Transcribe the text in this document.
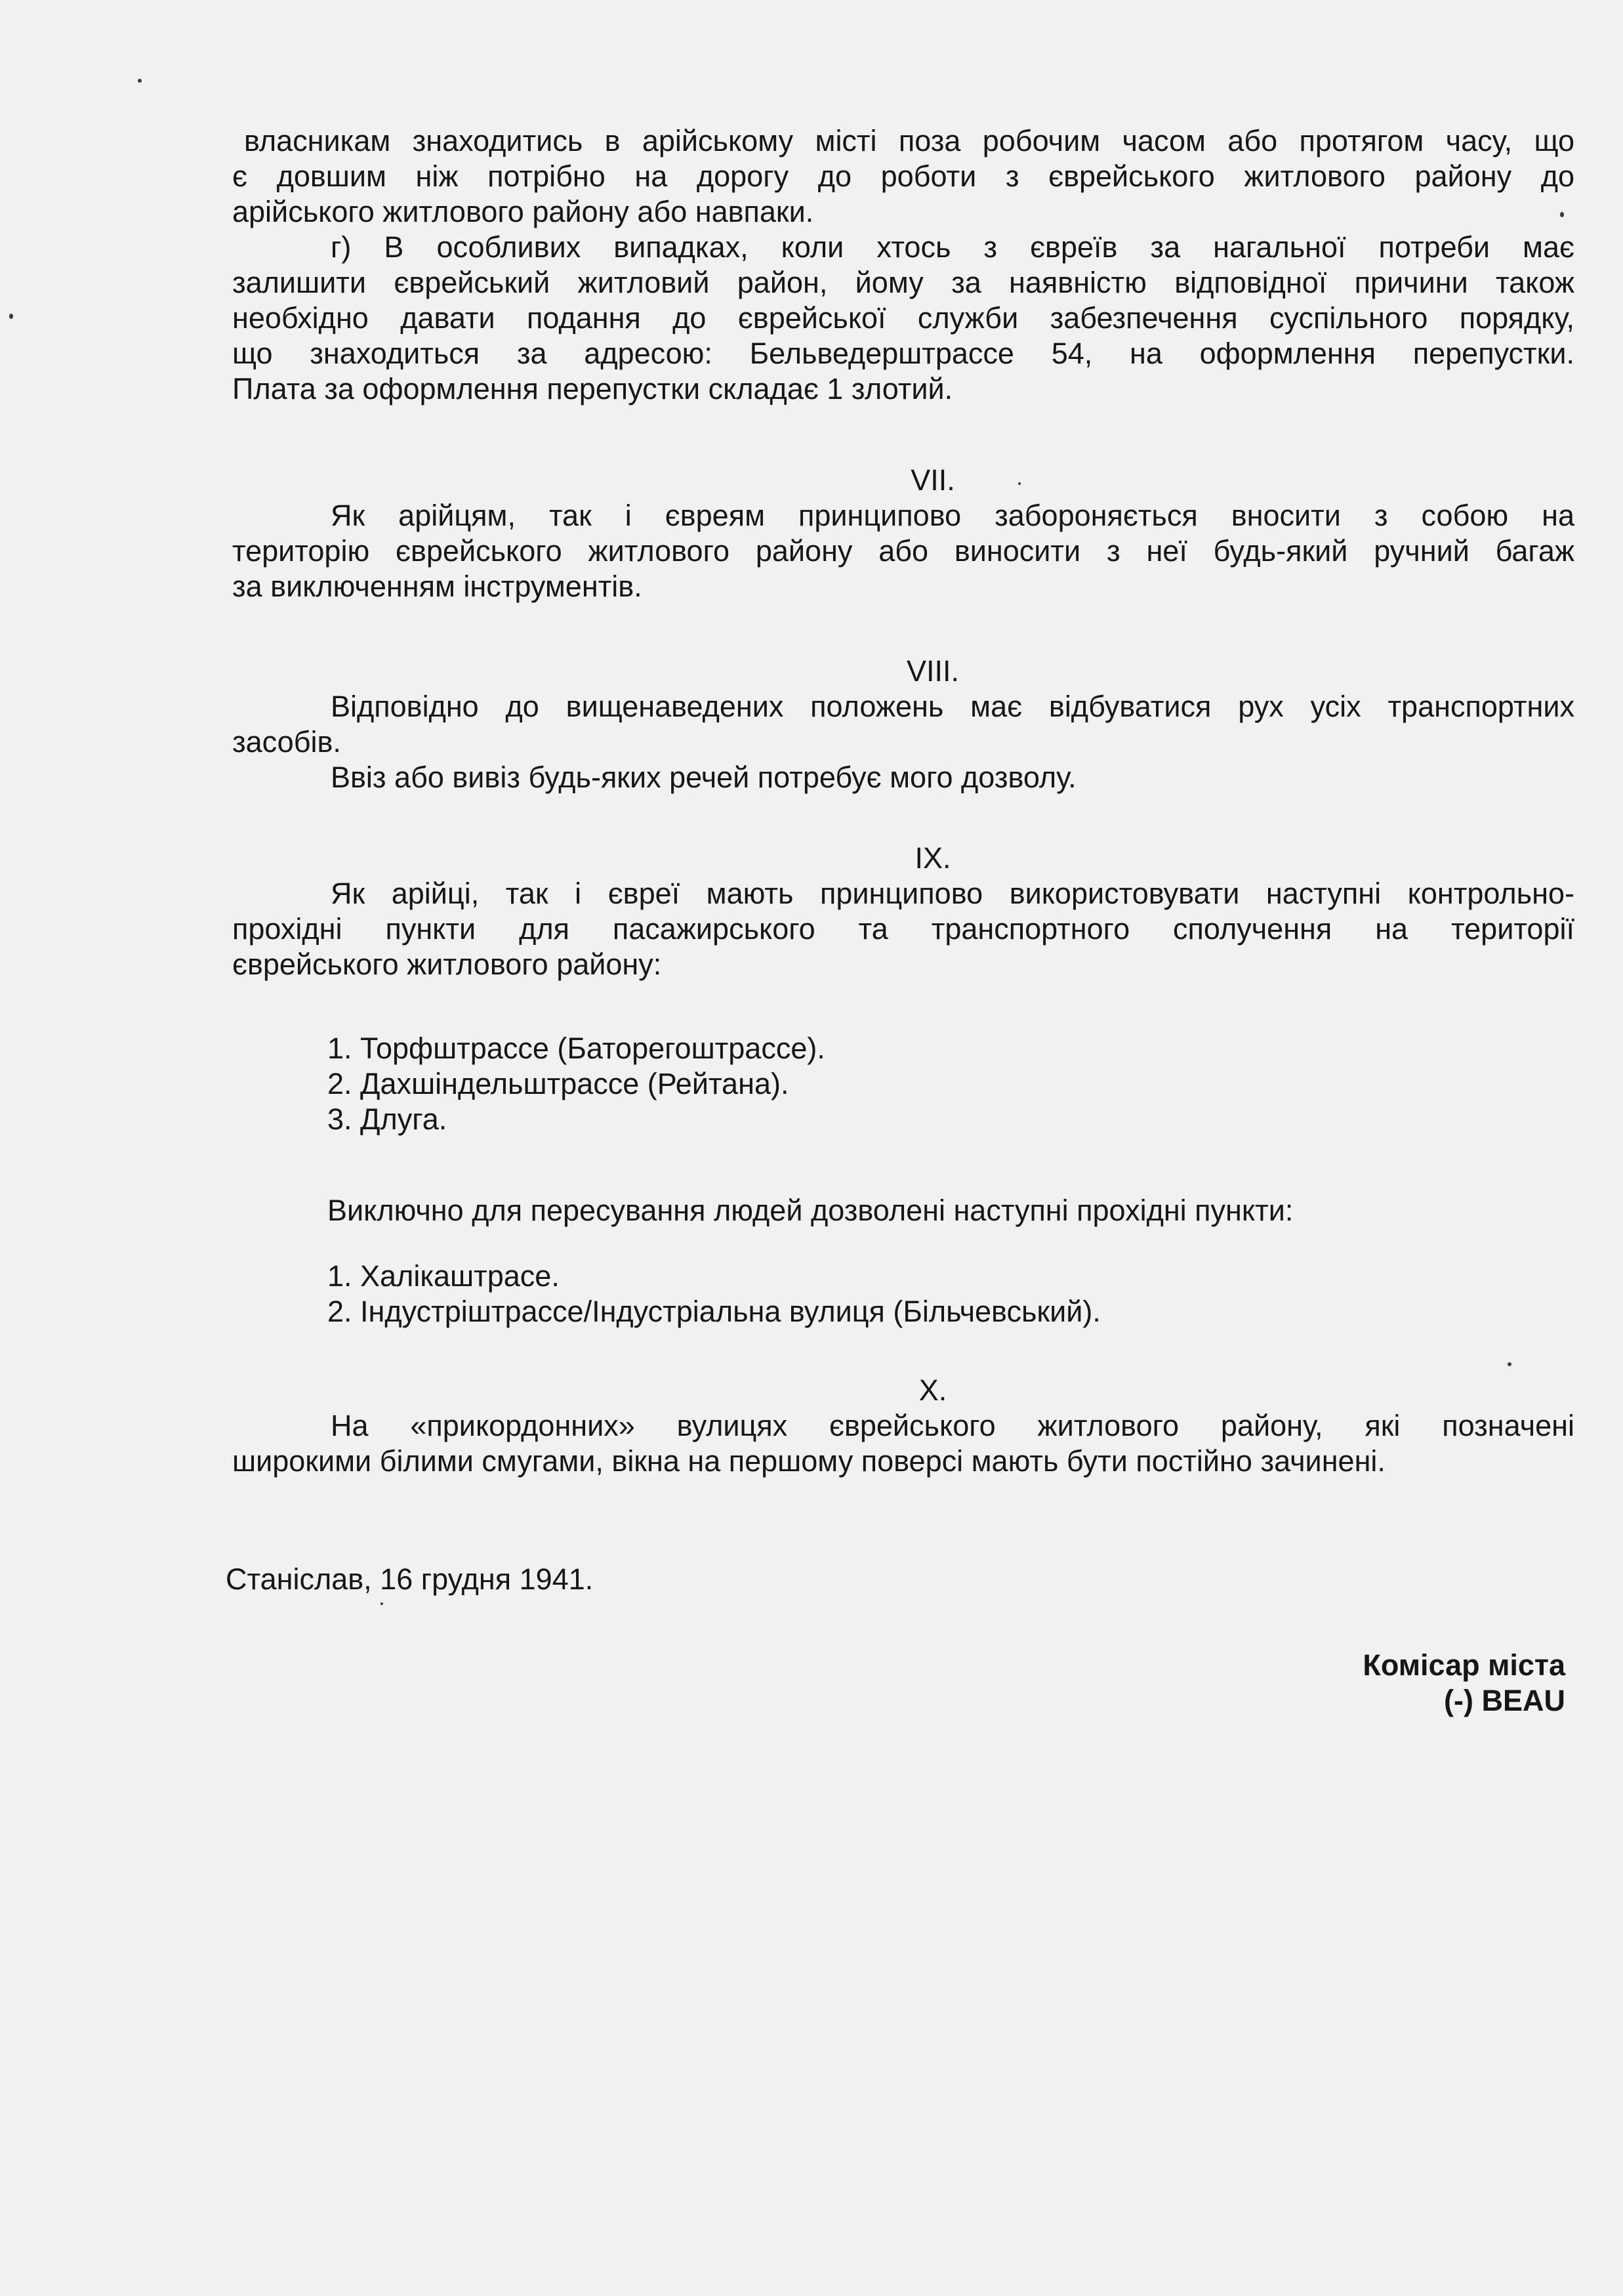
власникам знаходитись в арійському місті поза робочим часом або протягом часу, що
є довшим ніж потрібно на дорогу до роботи з єврейського житлового району до
арійського житлового району або навпаки.
г) В особливих випадках, коли хтось з євреїв за нагальної потреби має
залишити єврейський житловий район, йому за наявністю відповідної причини також
необхідно давати подання до єврейської служби забезпечення суспільного порядку,
що знаходиться за адресою: Бельведерштрассе 54, на оформлення перепустки.
Плата за оформлення перепустки складає 1 злотий.
VII.
Як арійцям, так і євреям принципово забороняється вносити з собою на
територію єврейського житлового району або виносити з неї будь-який ручний багаж
за виключенням інструментів.
VIII.
Відповідно до вищенаведених положень має відбуватися рух усіх транспортних
засобів.
Ввіз або вивіз будь-яких речей потребує мого дозволу.
IX.
Як арійці, так і євреї мають принципово використовувати наступні контрольно-
прохідні пункти для пасажирського та транспортного сполучення на території
єврейського житлового району:
1. Торфштрассе (Баторегоштрассе).
2. Дахшіндельштрассе (Рейтана).
3. Длуга.
Виключно для пересування людей дозволені наступні прохідні пункти:
1. Халікаштрасе.
2. Індустріштрассе/Індустріальна вулиця (Більчевський).
X.
На «прикордонних» вулицях єврейського житлового району, які позначені
широкими білими смугами, вікна на першому поверсі мають бути постійно зачинені.
Станіслав, 16 грудня 1941.
Комісар міста
(-) BEAU
